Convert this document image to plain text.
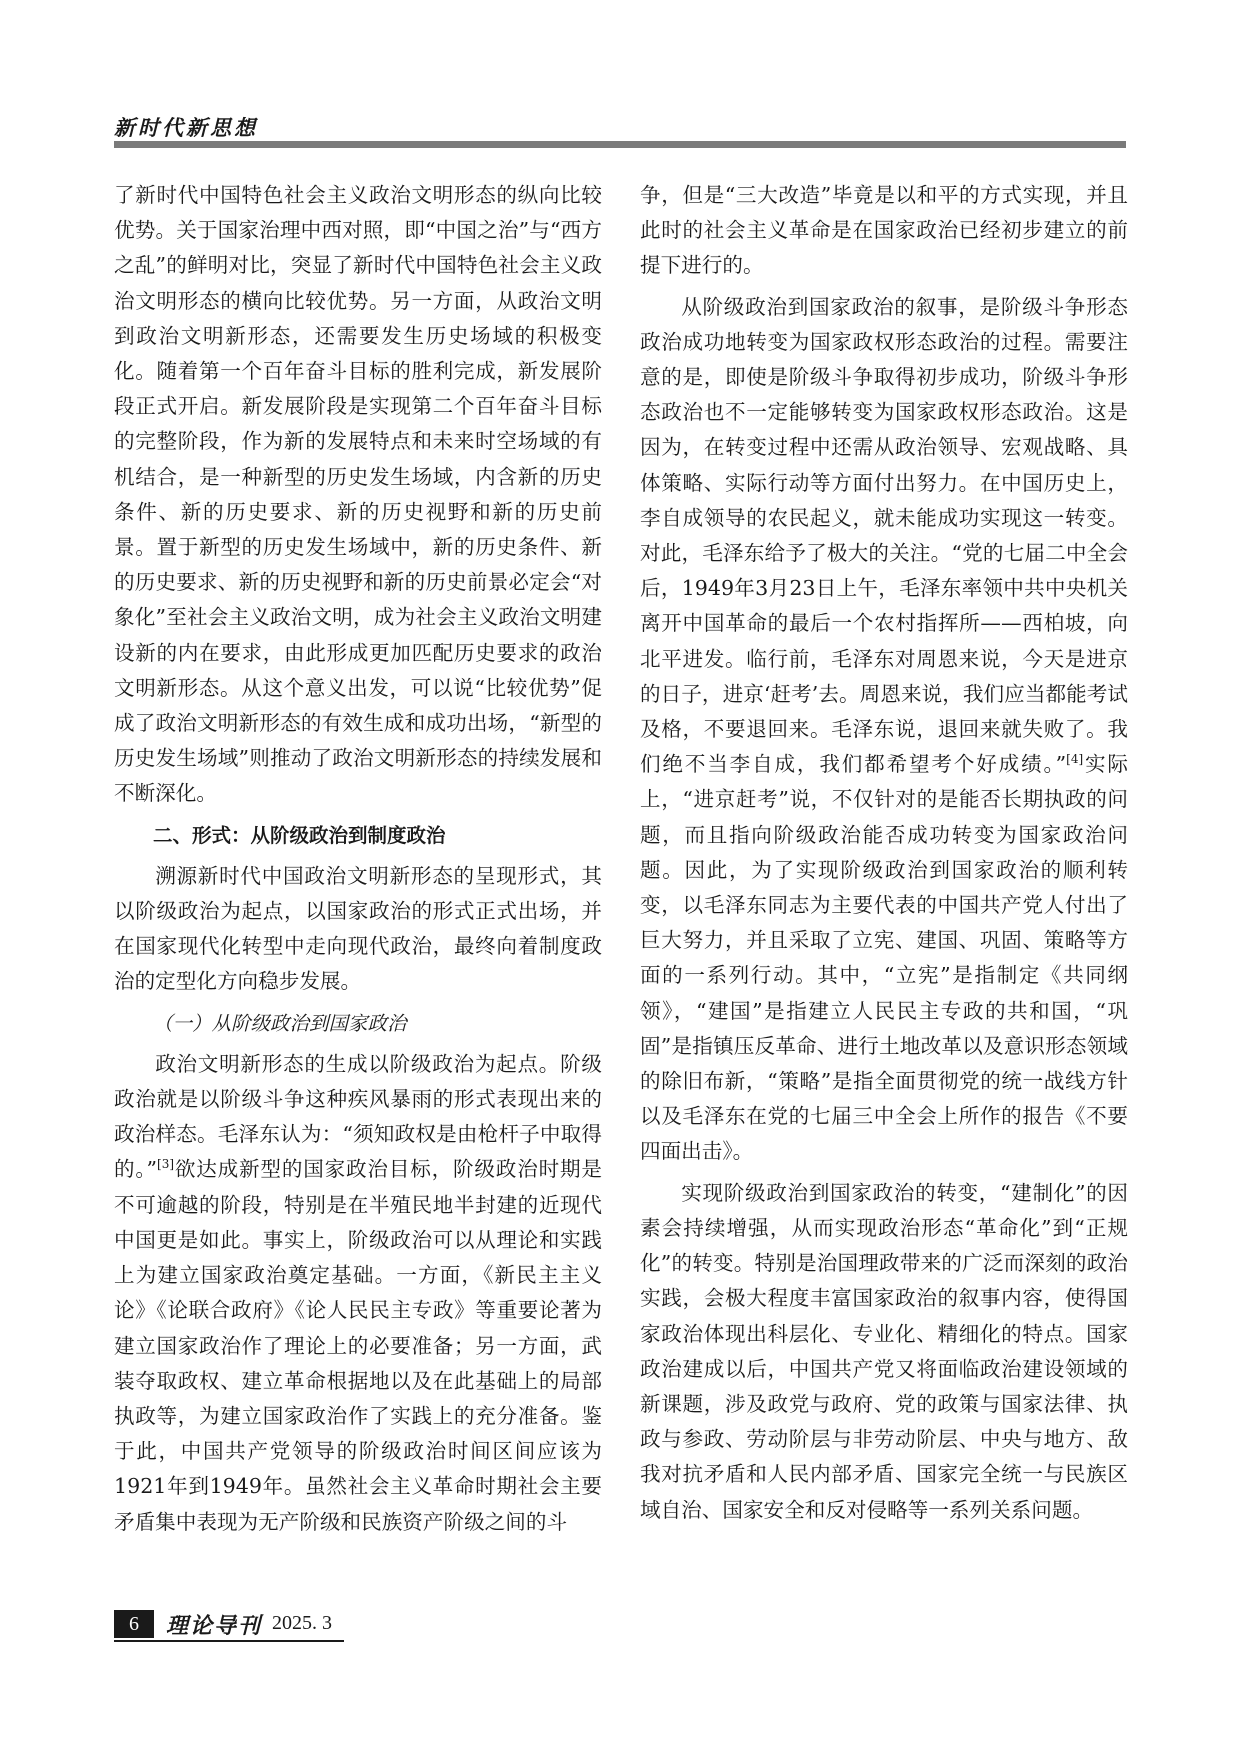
新时代新思想

了新时代中国特色社会主义政治文明形态的纵向比较优势。关于国家治理中西对照，即“中国之治”与“西方之乱”的鲜明对比，突显了新时代中国特色社会主义政治文明形态的横向比较优势。另一方面，从政治文明到政治文明新形态，还需要发生历史场域的积极变化。随着第一个百年奋斗目标的胜利完成，新发展阶段正式开启。新发展阶段是实现第二个百年奋斗目标的完整阶段，作为新的发展特点和未来时空场域的有机结合，是一种新型的历史发生场域，内含新的历史条件、新的历史要求、新的历史视野和新的历史前景。置于新型的历史发生场域中，新的历史条件、新的历史要求、新的历史视野和新的历史前景必定会“对象化”至社会主义政治文明，成为社会主义政治文明建设新的内在要求，由此形成更加匹配历史要求的政治文明新形态。从这个意义出发，可以说“比较优势”促成了政治文明新形态的有效生成和成功出场，“新型的历史发生场域”则推动了政治文明新形态的持续发展和不断深化。

二、形式：从阶级政治到制度政治

溯源新时代中国政治文明新形态的呈现形式，其以阶级政治为起点，以国家政治的形式正式出场，并在国家现代化转型中走向现代政治，最终向着制度政治的定型化方向稳步发展。

（一）从阶级政治到国家政治

政治文明新形态的生成以阶级政治为起点。阶级政治就是以阶级斗争这种疾风暴雨的形式表现出来的政治样态。毛泽东认为：“须知政权是由枪杆子中取得的。”[3]欲达成新型的国家政治目标，阶级政治时期是不可逾越的阶段，特别是在半殖民地半封建的近现代中国更是如此。事实上，阶级政治可以从理论和实践上为建立国家政治奠定基础。一方面，《新民主主义论》《论联合政府》《论人民民主专政》等重要论著为建立国家政治作了理论上的必要准备；另一方面，武装夺取政权、建立革命根据地以及在此基础上的局部执政等，为建立国家政治作了实践上的充分准备。鉴于此，中国共产党领导的阶级政治时间区间应该为1921年到1949年。虽然社会主义革命时期社会主要矛盾集中表现为无产阶级和民族资产阶级之间的斗

争，但是“三大改造”毕竟是以和平的方式实现，并且此时的社会主义革命是在国家政治已经初步建立的前提下进行的。

从阶级政治到国家政治的叙事，是阶级斗争形态政治成功地转变为国家政权形态政治的过程。需要注意的是，即使是阶级斗争取得初步成功，阶级斗争形态政治也不一定能够转变为国家政权形态政治。这是因为，在转变过程中还需从政治领导、宏观战略、具体策略、实际行动等方面付出努力。在中国历史上，李自成领导的农民起义，就未能成功实现这一转变。对此，毛泽东给予了极大的关注。“党的七届二中全会后，1949年3月23日上午，毛泽东率领中共中央机关离开中国革命的最后一个农村指挥所——西柏坡，向北平进发。临行前，毛泽东对周恩来说，今天是进京的日子，进京‘赶考’去。周恩来说，我们应当都能考试及格，不要退回来。毛泽东说，退回来就失败了。我们绝不当李自成，我们都希望考个好成绩。”[4]实际上，“进京赶考”说，不仅针对的是能否长期执政的问题，而且指向阶级政治能否成功转变为国家政治问题。因此，为了实现阶级政治到国家政治的顺利转变，以毛泽东同志为主要代表的中国共产党人付出了巨大努力，并且采取了立宪、建国、巩固、策略等方面的一系列行动。其中，“立宪”是指制定《共同纲领》，“建国”是指建立人民民主专政的共和国，“巩固”是指镇压反革命、进行土地改革以及意识形态领域的除旧布新，“策略”是指全面贯彻党的统一战线方针以及毛泽东在党的七届三中全会上所作的报告《不要四面出击》。

实现阶级政治到国家政治的转变，“建制化”的因素会持续增强，从而实现政治形态“革命化”到“正规化”的转变。特别是治国理政带来的广泛而深刻的政治实践，会极大程度丰富国家政治的叙事内容，使得国家政治体现出科层化、专业化、精细化的特点。国家政治建成以后，中国共产党又将面临政治建设领域的新课题，涉及政党与政府、党的政策与国家法律、执政与参政、劳动阶层与非劳动阶层、中央与地方、敌我对抗矛盾和人民内部矛盾、国家完全统一与民族区域自治、国家安全和反对侵略等一系列关系问题。

6	理论导刊 2025. 3
